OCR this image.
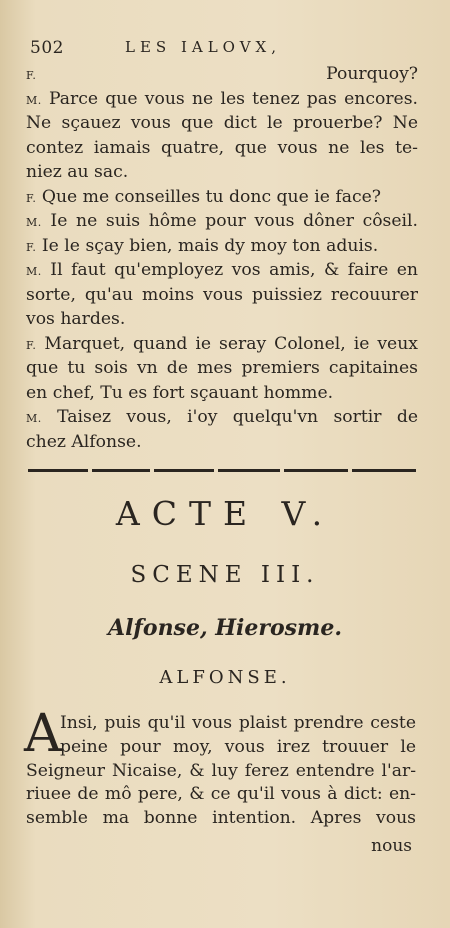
502	LES IALOVX,
F. Pourquoy?
M. Parce que vous ne les tenez pas encores.
Ne sçauez vous que dict le prouerbe? Ne
contez iamais quatre, que vous ne les te-
niez au sac.
F. Que me conseilles tu donc que ie face?
M. Ie ne suis hôme pour vous dôner côseil.
F. Ie le sçay bien, mais dy moy ton aduis.
M. Il faut qu'employez vos amis, & faire en
sorte, qu'au moins vous puissiez recouurer
vos hardes.
F. Marquet, quand ie seray Colonel, ie veux
que tu sois vn de mes premiers capitaines
en chef, Tu es fort sçauant homme.
M. Taisez vous, i'oy quelqu'vn sortir de
chez Alfonse.
ACTE V.
SCENE III.
Alfonse, Hierosme.
ALFONSE.
A
Insi, puis qu'il vous plaist prendre ceste
peine pour moy, vous irez trouuer le
Seigneur Nicaise, & luy ferez entendre l'ar-
riuee de mô pere, & ce qu'il vous à dict: en-
semble ma bonne intention. Apres vous
nous
